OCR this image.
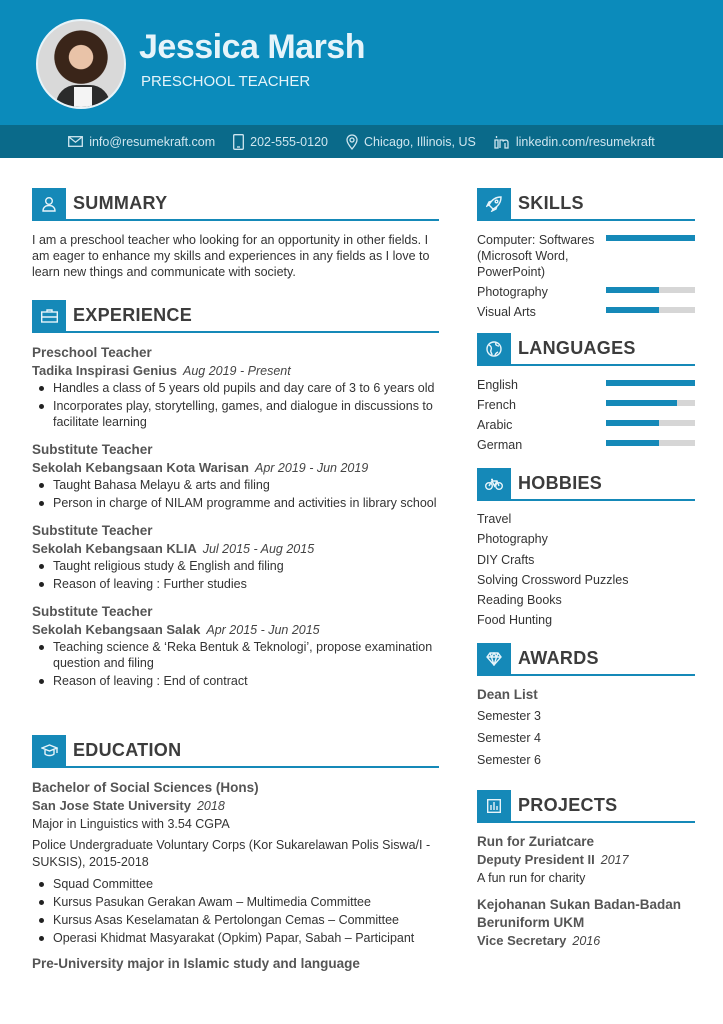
Jessica Marsh
PRESCHOOL TEACHER
info@resumekraft.com	202-555-0120	Chicago, Illinois, US	linkedin.com/resumekraft
SUMMARY
I am a preschool teacher who looking for an opportunity in other fields. I am eager to enhance my skills and experiences in any fields as I love to learn new things and communicate with society.
EXPERIENCE
Preschool Teacher
Tadika Inspirasi Genius Aug 2019 - Present
Handles a class of 5 years old pupils and day care of 3 to 6 years old
Incorporates play, storytelling, games, and dialogue in discussions to facilitate learning
Substitute Teacher
Sekolah Kebangsaan Kota Warisan Apr 2019 - Jun 2019
Taught Bahasa Melayu & arts and filing
Person in charge of NILAM programme and activities in library school
Substitute Teacher
Sekolah Kebangsaan KLIA Jul 2015 - Aug 2015
Taught religious study & English and filing
Reason of leaving : Further studies
Substitute Teacher
Sekolah Kebangsaan Salak Apr 2015 - Jun 2015
Teaching science & ‘Reka Bentuk & Teknologi’, propose examination question and filing
Reason of leaving : End of contract
EDUCATION
Bachelor of Social Sciences (Hons)
San Jose State University 2018
Major in Linguistics with 3.54 CGPA
Police Undergraduate Voluntary Corps (Kor Sukarelawan Polis Siswa/I - SUKSIS), 2015-2018
Squad Committee
Kursus Pasukan Gerakan Awam – Multimedia Committee
Kursus Asas Keselamatan & Pertolongan Cemas – Committee
Operasi Khidmat Masyarakat (Opkim) Papar, Sabah – Participant
Pre-University major in Islamic study and language
SKILLS
Computer: Softwares (Microsoft Word, PowerPoint)
Photography
Visual Arts
LANGUAGES
English
French
Arabic
German
HOBBIES
Travel
Photography
DIY Crafts
Solving Crossword Puzzles
Reading Books
Food Hunting
AWARDS
Dean List
Semester 3
Semester 4
Semester 6
PROJECTS
Run for Zuriatcare
Deputy President II 2017
A fun run for charity
Kejohanan Sukan Badan-Badan Beruniform UKM
Vice Secretary 2016
